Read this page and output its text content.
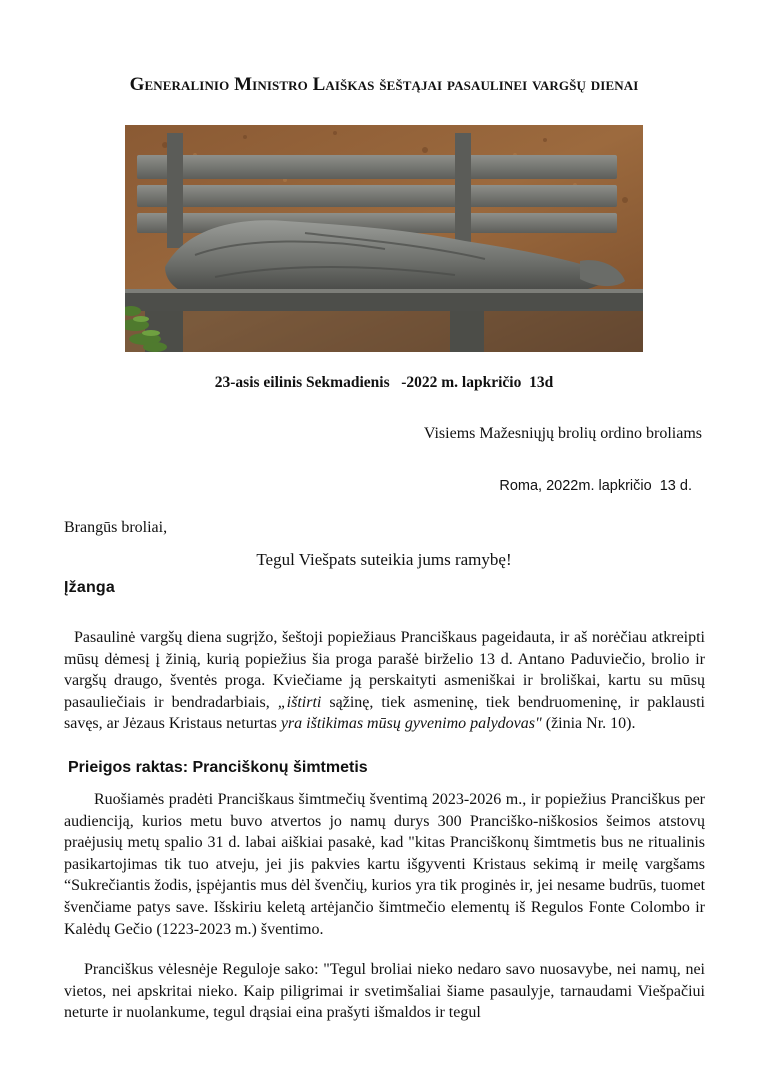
Generalinio Ministro Laiškas šeštąjai pasaulinei vargšų dienai
23-asis eilinis Sekmadienis   -2022 m. lapkričio  13d
Visiems Mažesniųjų brolių ordino broliams
Roma, 2022m. lapkričio  13 d.
Brangūs broliai,
Tegul Viešpats suteikia jums ramybę!
Įžanga

Pasaulinė vargšų diena sugrįžo, šeštoji popiežiaus Pranciškaus pageidauta, ir aš norėčiau atkreipti mūsų dėmesį į žinią, kurią popiežius šia proga parašė birželio 13 d. Antano Paduviečio, brolio ir vargšų draugo, šventės proga. Kviečiame ją perskaityti asmeniškai ir broliškai, kartu su mūsų pasauliečiais ir bendradarbiais, „ištirti sąžinę, tiek asmeninę, tiek bendruomeninę, ir paklausti savęs, ar Jėzaus Kristaus neturtas yra ištikimas mūsų gyvenimo palydovas" (žinia Nr. 10).

Prieigos raktas: Pranciškonų šimtmetis

Ruošiamės pradėti Pranciškaus šimtmečių šventimą 2023-2026 m., ir popiežius Pranciškus per audienciją, kurios metu buvo atvertos jo namų durys 300 Pranciško-niškosios šeimos atstovų praėjusių metų spalio 31 d. labai aiškiai pasakė, kad "kitas Pranciškonų šimtmetis bus ne ritualinis pasikartojimas tik tuo atveju, jei jis pakvies kartu išgyventi Kristaus sekimą ir meilę vargšams “Sukrečiantis žodis, įspėjantis mus dėl švenčių, kurios yra tik proginės ir, jei nesame budrūs, tuomet švenčiame patys save. Išskiriu keletą artėjančio šimtmečio elementų iš Regulos Fonte Colombo ir Kalėdų Gečio (1223-2023 m.) šventimo.

Pranciškus vėlesnėje Reguloje sako: "Tegul broliai nieko nedaro savo nuosavybe, nei namų, nei vietos, nei apskritai nieko. Kaip piligrimai ir svetimšaliai šiame pasaulyje, tarnaudami Viešpačiui neturte ir nuolankume, tegul drąsiai eina prašyti išmaldos ir tegul
